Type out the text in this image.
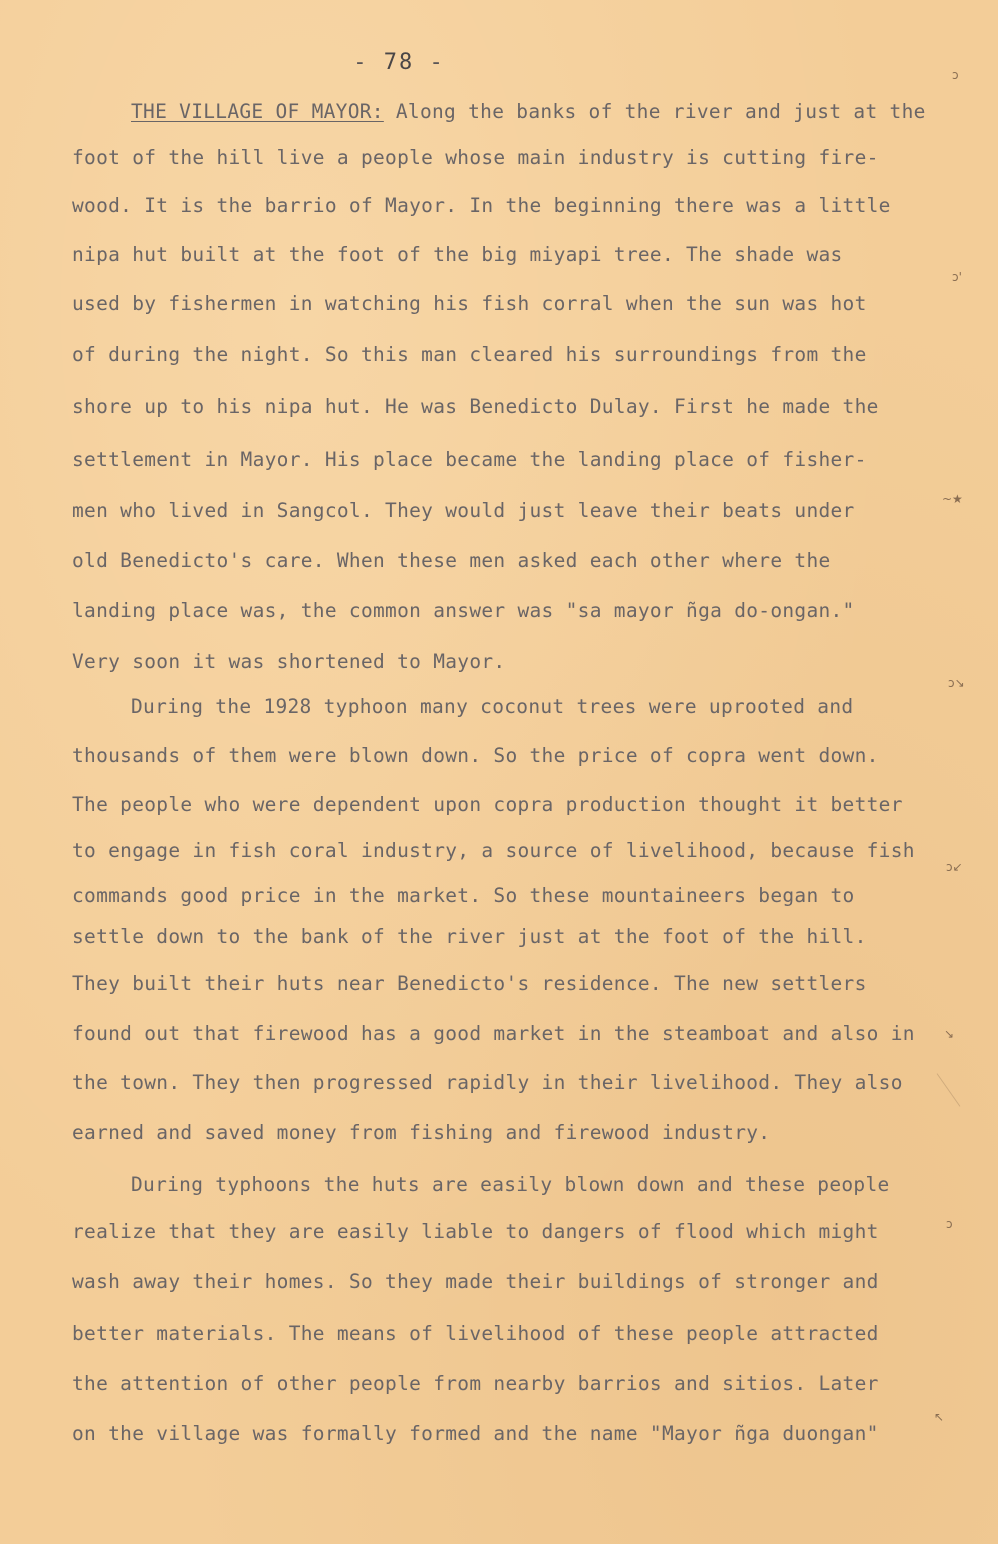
- 78 -
THE VILLAGE OF MAYOR: Along the banks of the river and just at the
foot of the hill live a people whose main industry is cutting fire-
wood. It is the barrio of Mayor. In the beginning there was a little
nipa hut built at the foot of the big miyapi tree. The shade was
used by fishermen in watching his fish corral when the sun was hot
of during the night. So this man cleared his surroundings from the
shore up to his nipa hut. He was Benedicto Dulay. First he made the
settlement in Mayor. His place became the landing place of fisher-
men who lived in Sangcol. They would just leave their beats under
old Benedicto's care. When these men asked each other where the
landing place was, the common answer was "sa mayor ñga do-ongan."
Very soon it was shortened to Mayor.
During the 1928 typhoon many coconut trees were uprooted and
thousands of them were blown down. So the price of copra went down.
The people who were dependent upon copra production thought it better
to engage in fish coral industry, a source of livelihood, because fish
commands good price in the market. So these mountaineers began to
settle down to the bank of the river just at the foot of the hill.
They built their huts near Benedicto's residence. The new settlers
found out that firewood has a good market in the steamboat and also in
the town. They then progressed rapidly in their livelihood. They also
earned and saved money from fishing and firewood industry.
During typhoons the huts are easily blown down and these people
realize that they are easily liable to dangers of flood which might
wash away their homes. So they made their buildings of stronger and
better materials. The means of livelihood of these people attracted
the attention of other people from nearby barrios and sitios. Later
on the village was formally formed and the name "Mayor ñga duongan"
ↄ
ↄ'
~★
ↄ↘
ↄ↙
↘
ↄ
↖
